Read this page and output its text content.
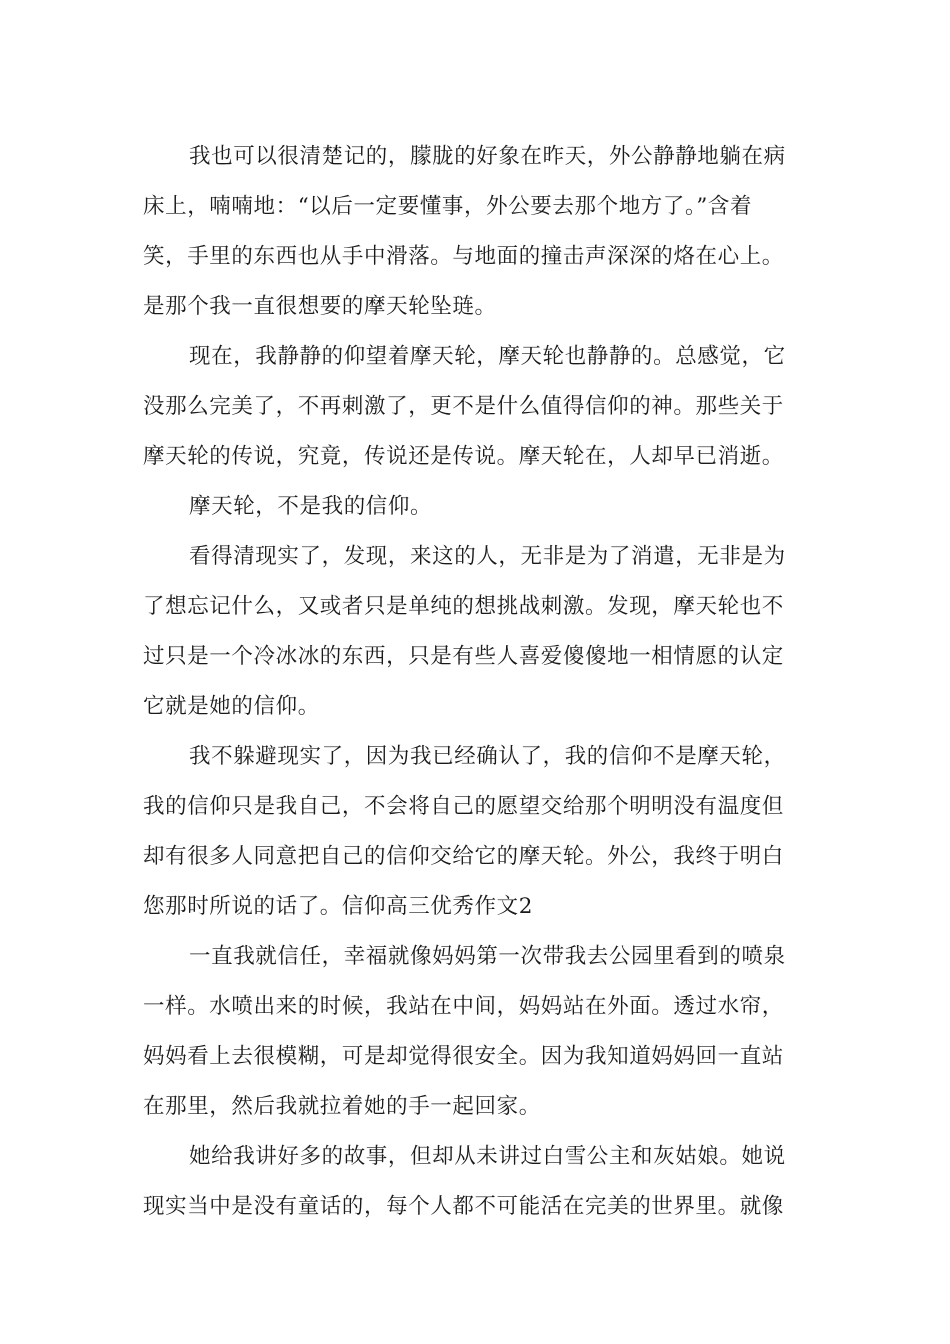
我也可以很清楚记的，朦胧的好象在昨天，外公静静地躺在病
床上，喃喃地：“以后一定要懂事，外公要去那个地方了。”含着
笑，手里的东西也从手中滑落。与地面的撞击声深深的烙在心上。
是那个我一直很想要的摩天轮坠琏。
现在，我静静的仰望着摩天轮，摩天轮也静静的。总感觉，它
没那么完美了，不再刺激了，更不是什么值得信仰的神。那些关于
摩天轮的传说，究竟，传说还是传说。摩天轮在，人却早已消逝。
摩天轮，不是我的信仰。
看得清现实了，发现，来这的人，无非是为了消遣，无非是为
了想忘记什么，又或者只是单纯的想挑战刺激。发现，摩天轮也不
过只是一个冷冰冰的东西，只是有些人喜爱傻傻地一相情愿的认定
它就是她的信仰。
我不躲避现实了，因为我已经确认了，我的信仰不是摩天轮，
我的信仰只是我自己，不会将自己的愿望交给那个明明没有温度但
却有很多人同意把自己的信仰交给它的摩天轮。外公，我终于明白
您那时所说的话了。信仰高三优秀作文2
一直我就信任，幸福就像妈妈第一次带我去公园里看到的喷泉
一样。水喷出来的时候，我站在中间，妈妈站在外面。透过水帘，
妈妈看上去很模糊，可是却觉得很安全。因为我知道妈妈回一直站
在那里，然后我就拉着她的手一起回家。
她给我讲好多的故事，但却从未讲过白雪公主和灰姑娘。她说
现实当中是没有童话的，每个人都不可能活在完美的世界里。就像
